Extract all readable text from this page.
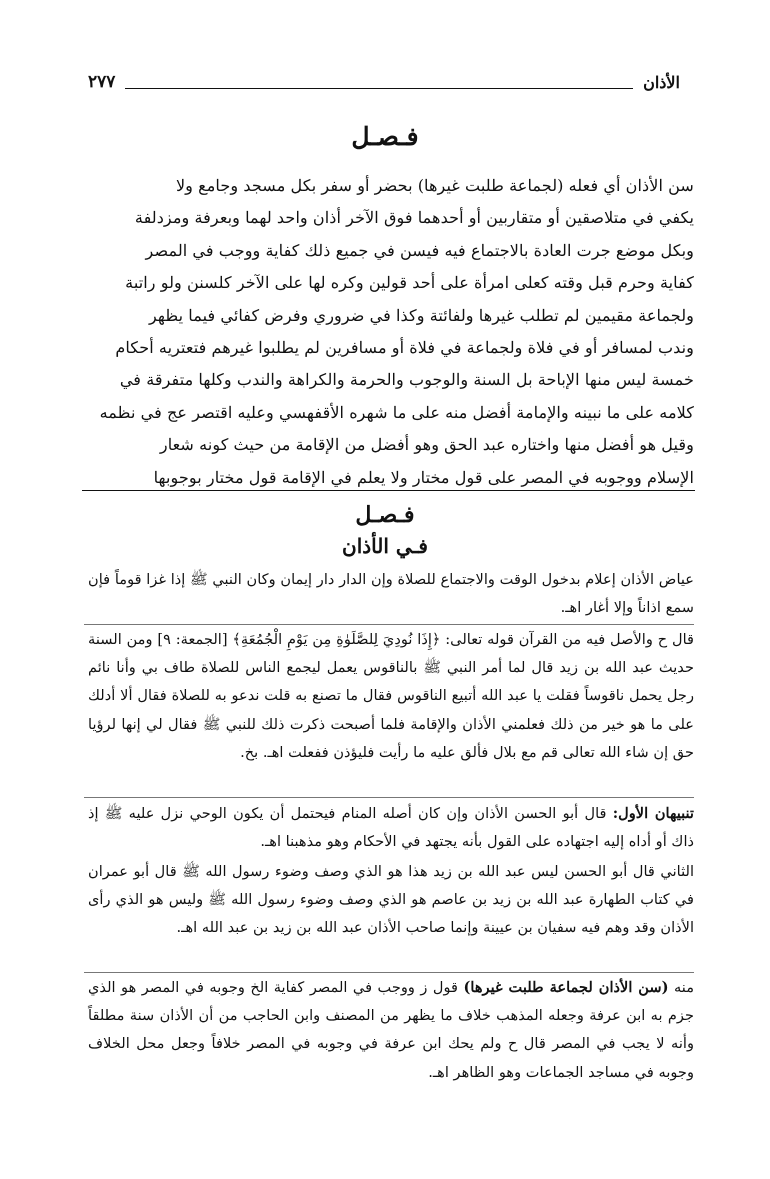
الأذان
٢٧٧
فـصـل
سن الأذان أي فعله (لجماعة طلبت غيرها) بحضر أو سفر بكل مسجد وجامع ولا
يكفي في متلاصقين أو متقاربين أو أحدهما فوق الآخر أذان واحد لهما وبعرفة ومزدلفة
وبكل موضع جرت العادة بالاجتماع فيه فيسن في جميع ذلك كفاية ووجب في المصر
كفاية وحرم قبل وقته كعلى امرأة على أحد قولين وكره لها على الآخر كلسنن ولو راتبة
ولجماعة مقيمين لم تطلب غيرها ولفائتة وكذا في ضروري وفرض كفائي فيما يظهر
وندب لمسافر أو في فلاة ولجماعة في فلاة أو مسافرين لم يطلبوا غيرهم فتعتريه أحكام
خمسة ليس منها الإباحة بل السنة والوجوب والحرمة والكراهة والندب وكلها متفرقة في
كلامه على ما نبينه والإمامة أفضل منه على ما شهره الأقفهسي وعليه اقتصر عج في نظمه
وقيل هو أفضل منها واختاره عبد الحق وهو أفضل من الإقامة من حيث كونه شعار
الإسلام ووجوبه في المصر على قول مختار ولا يعلم في الإقامة قول مختار بوجوبها
فـصـل
فـي الأذان

عياض الأذان إعلام بدخول الوقت والاجتماع للصلاة وإن الدار دار إيمان وكان النبي ﷺ إذا غزا قوماً فإن سمع اذاناً وإلا أغار اهـ.

قال ح والأصل فيه من القرآن قوله تعالى: ﴿إِذَا نُودِيَ لِلصَّلَوٰةِ مِن يَوْمِ الْجُمُعَةِ﴾ [الجمعة: ٩] ومن السنة حديث عبد الله بن زيد قال لما أمر النبي ﷺ بالناقوس يعمل ليجمع الناس للصلاة طاف بي وأنا نائم رجل يحمل ناقوساً فقلت يا عبد الله أتبيع الناقوس فقال ما تصنع به قلت ندعو به للصلاة فقال ألا أدلك على ما هو خير من ذلك فعلمني الأذان والإقامة فلما أصبحت ذكرت ذلك للنبي ﷺ فقال لي إنها لرؤيا حق إن شاء الله تعالى قم مع بلال فألق عليه ما رأيت فليؤذن ففعلت اهـ. بخ.

تنبيهان الأول: قال أبو الحسن الأذان وإن كان أصله المنام فيحتمل أن يكون الوحي نزل عليه ﷺ إذ ذاك أو أداه إليه اجتهاده على القول بأنه يجتهد في الأحكام وهو مذهبنا اهـ.

الثاني قال أبو الحسن ليس عبد الله بن زيد هذا هو الذي وصف وضوء رسول الله ﷺ قال أبو عمران في كتاب الطهارة عبد الله بن زيد بن عاصم هو الذي وصف وضوء رسول الله ﷺ وليس هو الذي رأى الأذان وقد وهم فيه سفيان بن عيينة وإنما صاحب الأذان عبد الله بن زيد بن عبد الله اهـ.

منه (سن الأذان لجماعة طلبت غيرها) قول ز ووجب في المصر كفاية الخ وجوبه في المصر هو الذي جزم به ابن عرفة وجعله المذهب خلاف ما يظهر من المصنف وابن الحاجب من أن الأذان سنة مطلقاً وأنه لا يجب في المصر قال ح ولم يحك ابن عرفة في وجوبه في المصر خلافاً وجعل محل الخلاف وجوبه في مساجد الجماعات وهو الظاهر اهـ.
